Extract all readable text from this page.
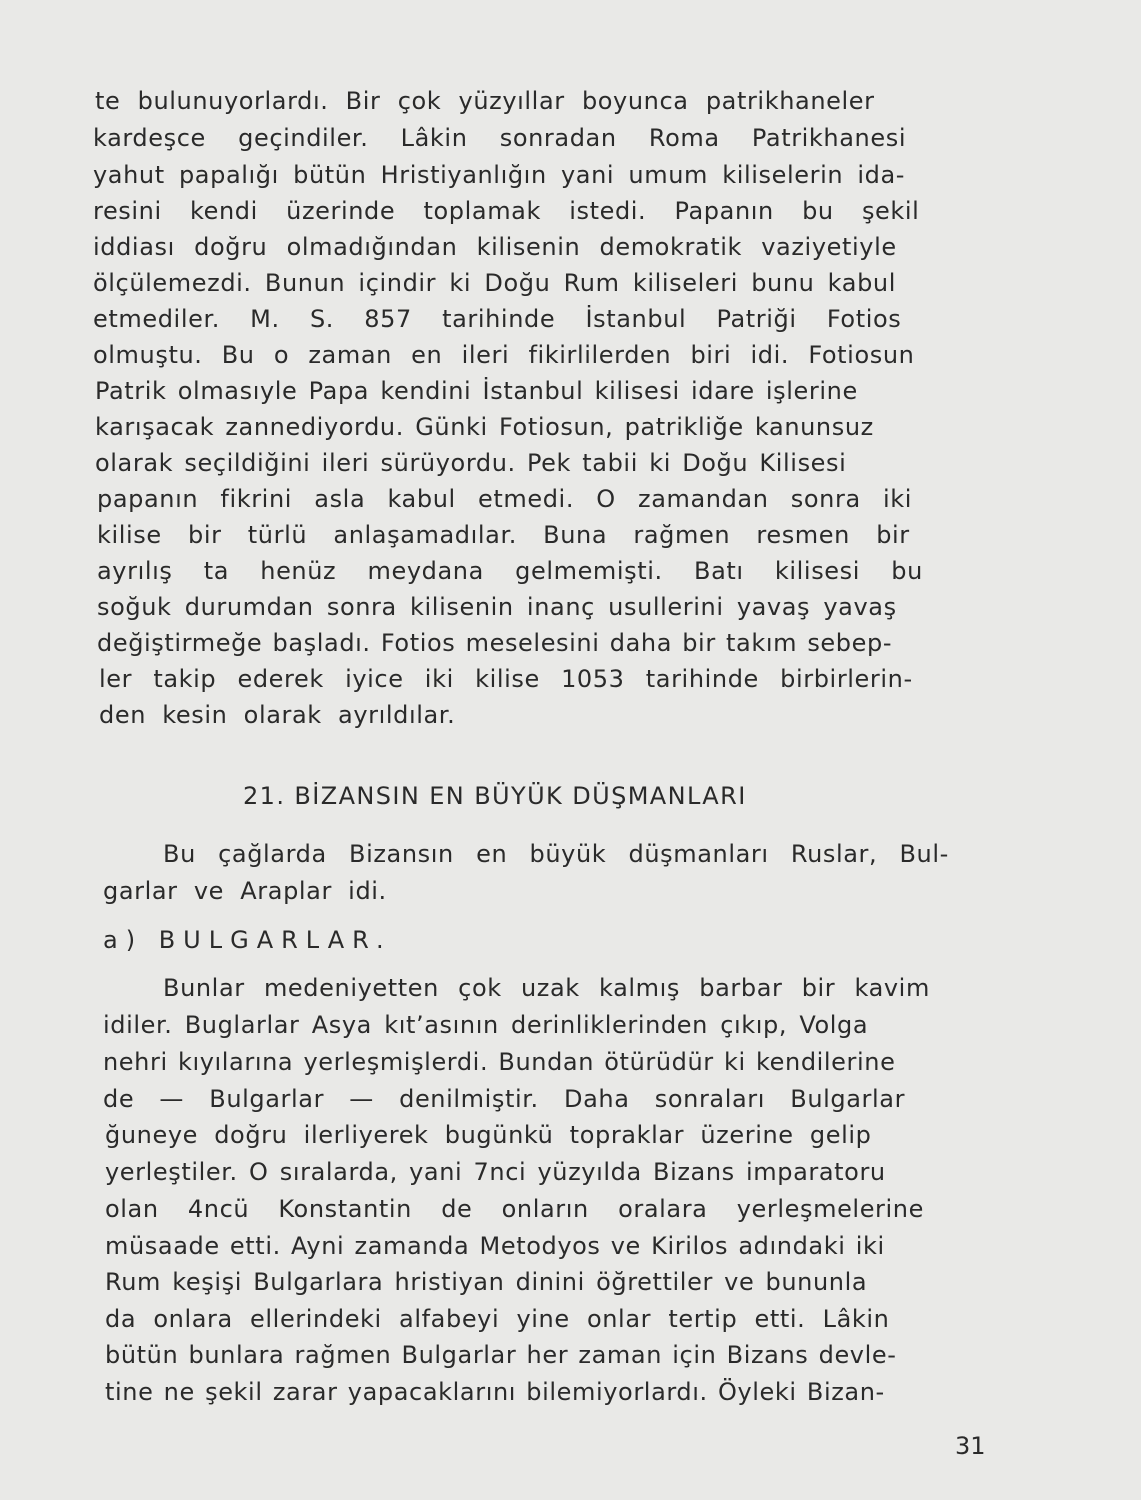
te bulunuyorlardı. Bir çok yüzyıllar boyunca patrikhaneler
kardeşce geçindiler. Lâkin sonradan Roma Patrikhanesi
yahut papalığı bütün Hristiyanlığın yani umum kiliselerin ida-
resini kendi üzerinde toplamak istedi. Papanın bu şekil
iddiası doğru olmadığından kilisenin demokratik vaziyetiyle
ölçülemezdi. Bunun içindir ki Doğu Rum kiliseleri bunu kabul
etmediler. M. S. 857 tarihinde İstanbul Patriği Fotios
olmuştu. Bu o zaman en ileri fikirlilerden biri idi. Fotiosun
Patrik olmasıyle Papa kendini İstanbul kilisesi idare işlerine
karışacak zannediyordu. Günki Fotiosun, patrikliğe kanunsuz
olarak seçildiğini ileri sürüyordu. Pek tabii ki Doğu Kilisesi
papanın fikrini asla kabul etmedi. O zamandan sonra iki
kilise bir türlü anlaşamadılar. Buna rağmen resmen bir
ayrılış ta henüz meydana gelmemişti. Batı kilisesi bu
soğuk durumdan sonra kilisenin inanç usullerini yavaş yavaş
değiştirmeğe başladı. Fotios meselesini daha bir takım sebep-
ler takip ederek iyice iki kilise 1053 tarihinde birbirlerin-
den kesin olarak ayrıldılar.
21. BİZANSIN EN BÜYÜK DÜŞMANLARI
Bu çağlarda Bizansın en büyük düşmanları Ruslar, Bul-
garlar ve Araplar idi.
a) BULGARLAR.
Bunlar medeniyetten çok uzak kalmış barbar bir kavim
idiler. Buglarlar Asya kıt’asının derinliklerinden çıkıp, Volga
nehri kıyılarına yerleşmişlerdi. Bundan ötürüdür ki kendilerine
de — Bulgarlar — denilmiştir. Daha sonraları Bulgarlar
ğuneye doğru ilerliyerek bugünkü topraklar üzerine gelip
yerleştiler. O sıralarda, yani 7nci yüzyılda Bizans imparatoru
olan 4ncü Konstantin de onların oralara yerleşmelerine
müsaade etti. Ayni zamanda Metodyos ve Kirilos adındaki iki
Rum keşişi Bulgarlara hristiyan dinini öğrettiler ve bununla
da onlara ellerindeki alfabeyi yine onlar tertip etti. Lâkin
bütün bunlara rağmen Bulgarlar her zaman için Bizans devle-
tine ne şekil zarar yapacaklarını bilemiyorlardı. Öyleki Bizan-
31
